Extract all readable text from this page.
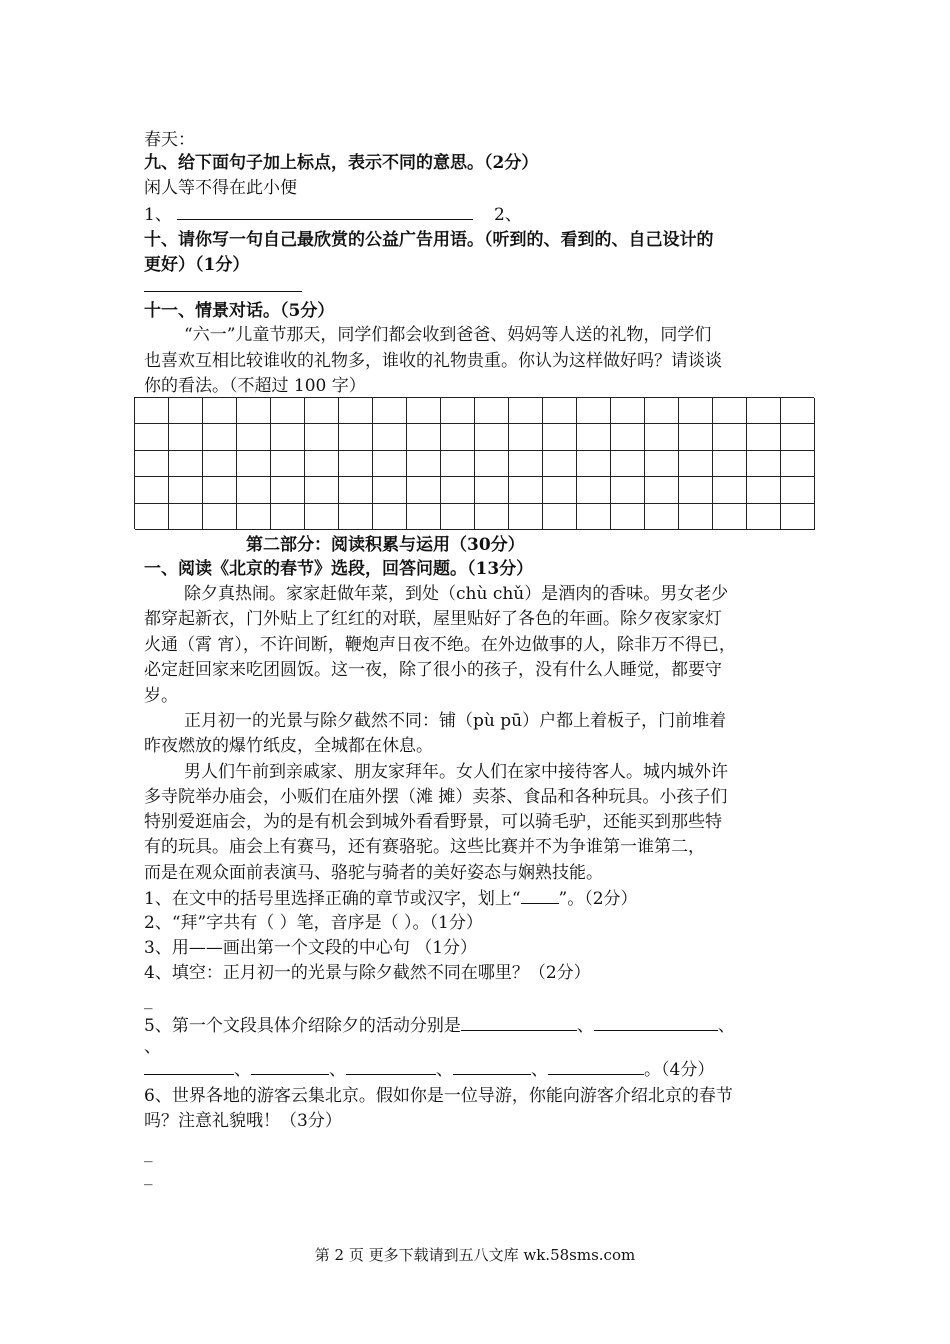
春天：
九、给下面句子加上标点，表示不同的意思。（2分）
闲人等不得在此小便
1、	2、
十、请你写一句自己最欣赏的公益广告用语。（听到的、看到的、自己设计的
更好）（1分）
十一、情景对话。（5分）
“六一”儿童节那天，同学们都会收到爸爸、妈妈等人送的礼物，同学们
也喜欢互相比较谁收的礼物多，谁收的礼物贵重。你认为这样做好吗？请谈谈
你的看法。（不超过 100 字）
第二部分：阅读积累与运用（30分）
一、阅读《北京的春节》选段，回答问题。（13分）
除夕真热闹。家家赶做年菜，到处（chù chǔ）是酒肉的香味。男女老少
都穿起新衣，门外贴上了红红的对联，屋里贴好了各色的年画。除夕夜家家灯
火通（霄 宵），不许间断，鞭炮声日夜不绝。在外边做事的人，除非万不得已，
必定赶回家来吃团圆饭。这一夜，除了很小的孩子，没有什么人睡觉，都要守
岁。
正月初一的光景与除夕截然不同：铺（pù pū）户都上着板子，门前堆着
昨夜燃放的爆竹纸皮，全城都在休息。
男人们午前到亲戚家、朋友家拜年。女人们在家中接待客人。城内城外许
多寺院举办庙会，小贩们在庙外摆（滩 摊）卖茶、食品和各种玩具。小孩子们
特别爱逛庙会，为的是有机会到城外看看野景，可以骑毛驴，还能买到那些特
有的玩具。庙会上有赛马，还有赛骆驼。这些比赛并不为争谁第一谁第二，
而是在观众面前表演马、骆驼与骑者的美好姿态与娴熟技能。
1、在文中的括号里选择正确的章节或汉字，划上“ ”。（2分）
2、“拜”字共有（ ）笔，音序是（ ）。（1分）
3、用——画出第一个文段的中心句 （1分）
4、填空：正月初一的光景与除夕截然不同在哪里？（2分）
_
5、第一个文段具体介绍除夕的活动分别是	、	、
、
、	、	、	、	。（4分）
6、世界各地的游客云集北京。假如你是一位导游，你能向游客介绍北京的春节
吗？注意礼貌哦！（3分）
_
_
第 2 页 更多下载请到五八文库 wk.58sms.com
